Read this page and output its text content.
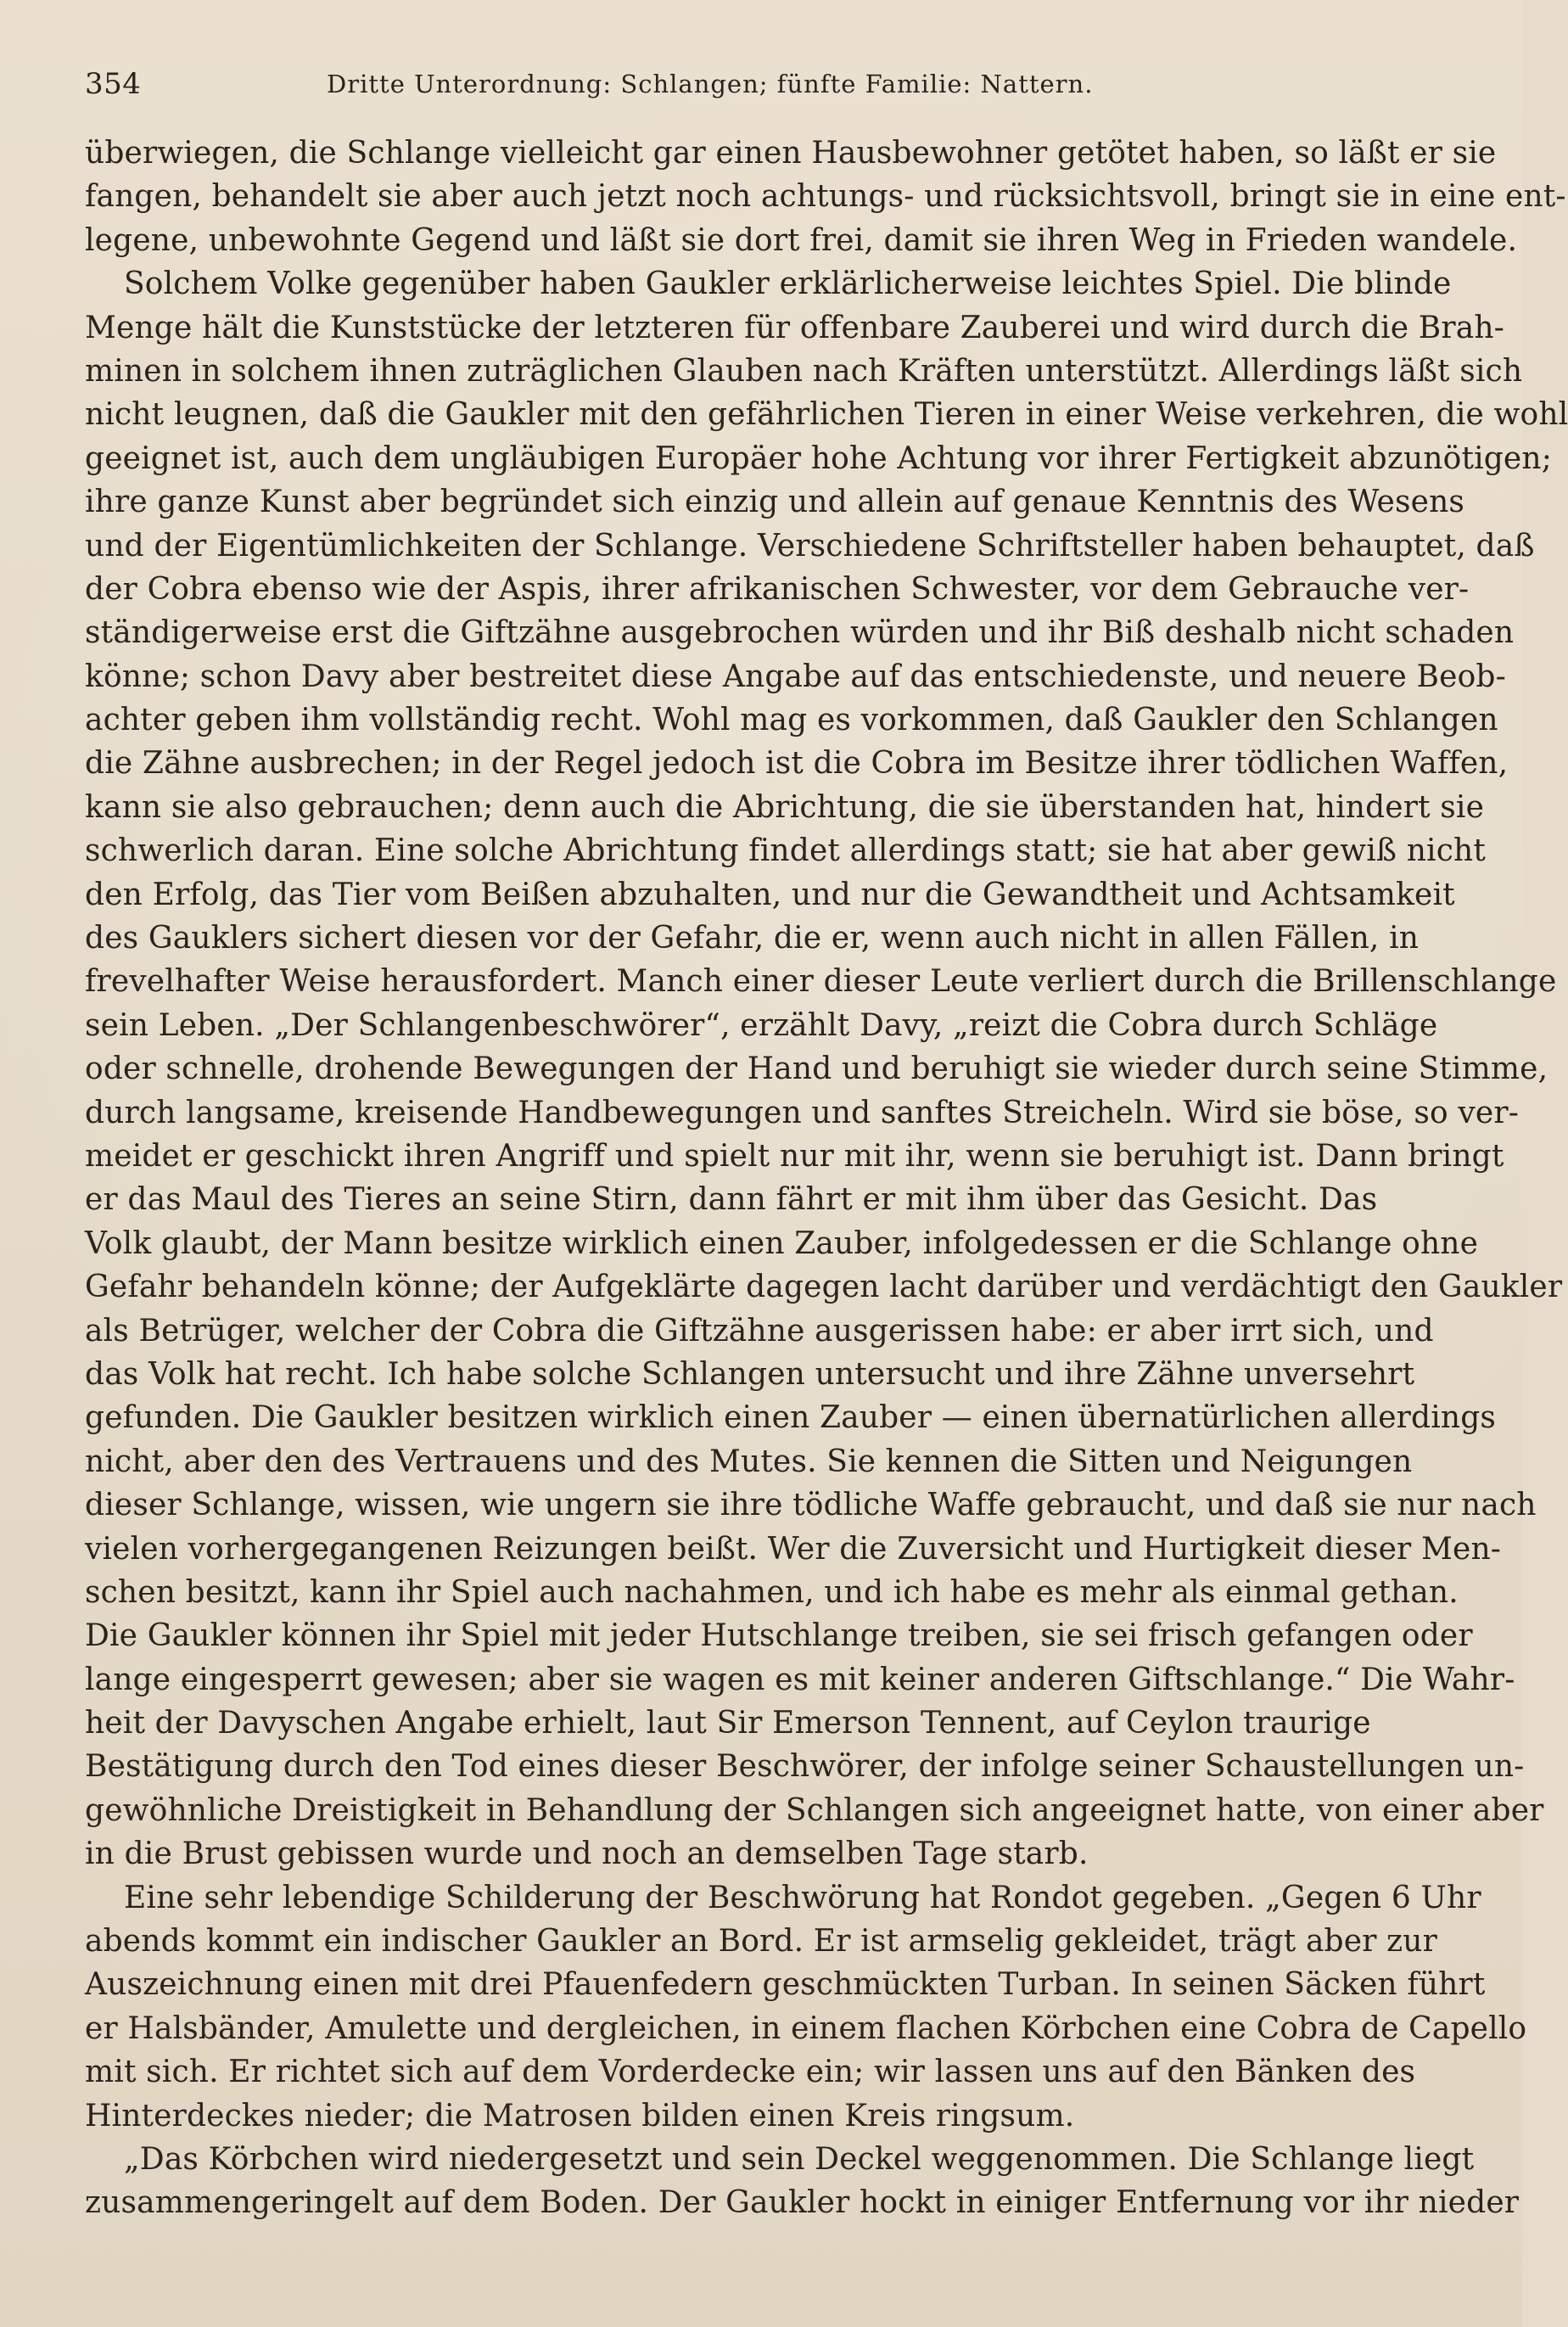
354	Dritte Unterordnung: Schlangen; fünfte Familie: Nattern.
überwiegen, die Schlange vielleicht gar einen Hausbewohner getötet haben, so läßt er sie
fangen, behandelt sie aber auch jetzt noch achtungs- und rücksichtsvoll, bringt sie in eine ent-
legene, unbewohnte Gegend und läßt sie dort frei, damit sie ihren Weg in Frieden wandele.
Solchem Volke gegenüber haben Gaukler erklärlicherweise leichtes Spiel. Die blinde
Menge hält die Kunststücke der letzteren für offenbare Zauberei und wird durch die Brah-
minen in solchem ihnen zuträglichen Glauben nach Kräften unterstützt. Allerdings läßt sich
nicht leugnen, daß die Gaukler mit den gefährlichen Tieren in einer Weise verkehren, die wohl
geeignet ist, auch dem ungläubigen Europäer hohe Achtung vor ihrer Fertigkeit abzunötigen;
ihre ganze Kunst aber begründet sich einzig und allein auf genaue Kenntnis des Wesens
und der Eigentümlichkeiten der Schlange. Verschiedene Schriftsteller haben behauptet, daß
der Cobra ebenso wie der Aspis, ihrer afrikanischen Schwester, vor dem Gebrauche ver-
ständigerweise erst die Giftzähne ausgebrochen würden und ihr Biß deshalb nicht schaden
könne; schon Davy aber bestreitet diese Angabe auf das entschiedenste, und neuere Beob-
achter geben ihm vollständig recht. Wohl mag es vorkommen, daß Gaukler den Schlangen
die Zähne ausbrechen; in der Regel jedoch ist die Cobra im Besitze ihrer tödlichen Waffen,
kann sie also gebrauchen; denn auch die Abrichtung, die sie überstanden hat, hindert sie
schwerlich daran. Eine solche Abrichtung findet allerdings statt; sie hat aber gewiß nicht
den Erfolg, das Tier vom Beißen abzuhalten, und nur die Gewandtheit und Achtsamkeit
des Gauklers sichert diesen vor der Gefahr, die er, wenn auch nicht in allen Fällen, in
frevelhafter Weise herausfordert. Manch einer dieser Leute verliert durch die Brillenschlange
sein Leben. „Der Schlangenbeschwörer“, erzählt Davy, „reizt die Cobra durch Schläge
oder schnelle, drohende Bewegungen der Hand und beruhigt sie wieder durch seine Stimme,
durch langsame, kreisende Handbewegungen und sanftes Streicheln. Wird sie böse, so ver-
meidet er geschickt ihren Angriff und spielt nur mit ihr, wenn sie beruhigt ist. Dann bringt
er das Maul des Tieres an seine Stirn, dann fährt er mit ihm über das Gesicht. Das
Volk glaubt, der Mann besitze wirklich einen Zauber, infolgedessen er die Schlange ohne
Gefahr behandeln könne; der Aufgeklärte dagegen lacht darüber und verdächtigt den Gaukler
als Betrüger, welcher der Cobra die Giftzähne ausgerissen habe: er aber irrt sich, und
das Volk hat recht. Ich habe solche Schlangen untersucht und ihre Zähne unversehrt
gefunden. Die Gaukler besitzen wirklich einen Zauber — einen übernatürlichen allerdings
nicht, aber den des Vertrauens und des Mutes. Sie kennen die Sitten und Neigungen
dieser Schlange, wissen, wie ungern sie ihre tödliche Waffe gebraucht, und daß sie nur nach
vielen vorhergegangenen Reizungen beißt. Wer die Zuversicht und Hurtigkeit dieser Men-
schen besitzt, kann ihr Spiel auch nachahmen, und ich habe es mehr als einmal gethan.
Die Gaukler können ihr Spiel mit jeder Hutschlange treiben, sie sei frisch gefangen oder
lange eingesperrt gewesen; aber sie wagen es mit keiner anderen Giftschlange.“ Die Wahr-
heit der Davyschen Angabe erhielt, laut Sir Emerson Tennent, auf Ceylon traurige
Bestätigung durch den Tod eines dieser Beschwörer, der infolge seiner Schaustellungen un-
gewöhnliche Dreistigkeit in Behandlung der Schlangen sich angeeignet hatte, von einer aber
in die Brust gebissen wurde und noch an demselben Tage starb.
Eine sehr lebendige Schilderung der Beschwörung hat Rondot gegeben. „Gegen 6 Uhr
abends kommt ein indischer Gaukler an Bord. Er ist armselig gekleidet, trägt aber zur
Auszeichnung einen mit drei Pfauenfedern geschmückten Turban. In seinen Säcken führt
er Halsbänder, Amulette und dergleichen, in einem flachen Körbchen eine Cobra de Capello
mit sich. Er richtet sich auf dem Vorderdecke ein; wir lassen uns auf den Bänken des
Hinterdeckes nieder; die Matrosen bilden einen Kreis ringsum.
„Das Körbchen wird niedergesetzt und sein Deckel weggenommen. Die Schlange liegt
zusammengeringelt auf dem Boden. Der Gaukler hockt in einiger Entfernung vor ihr nieder
